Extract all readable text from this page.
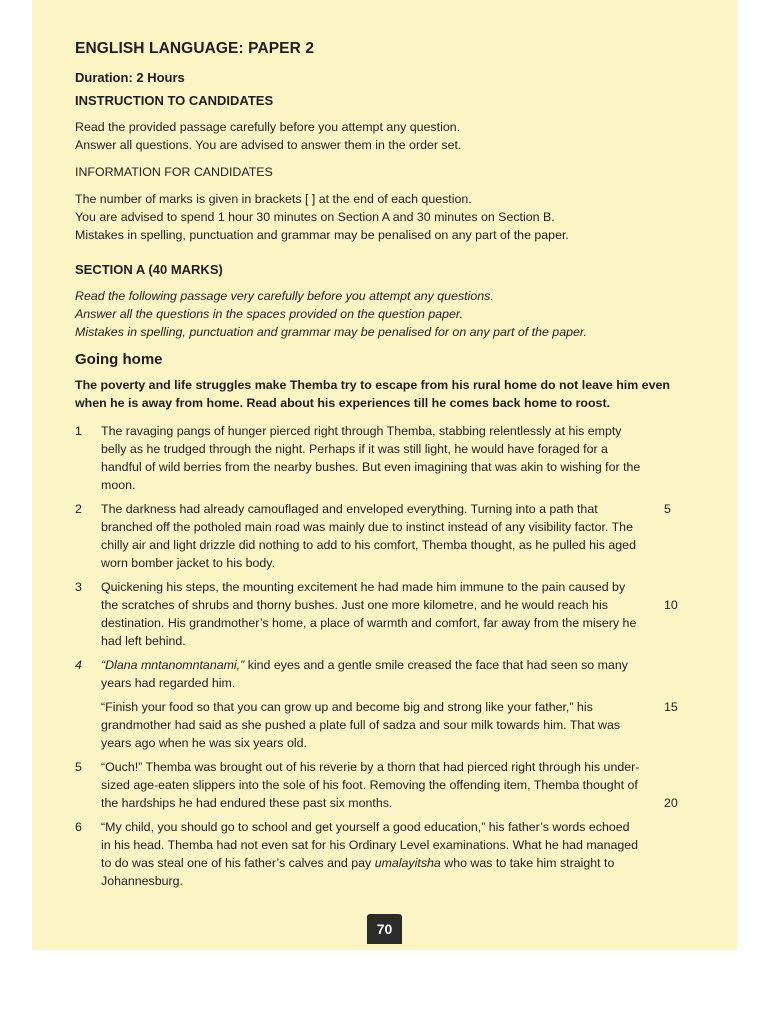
ENGLISH LANGUAGE: PAPER 2
Duration: 2 Hours
INSTRUCTION TO CANDIDATES

Read the provided passage carefully before you attempt any question.

Answer all questions. You are advised to answer them in the order set.

INFORMATION FOR CANDIDATES

The number of marks is given in brackets [ ] at the end of each question.

You are advised to spend 1 hour 30 minutes on Section A and 30 minutes on Section B.

Mistakes in spelling, punctuation and grammar may be penalised on any part of the paper.

SECTION A (40 MARKS)

Read the following passage very carefully before you attempt any questions.

Answer all the questions in the spaces provided on the question paper.

Mistakes in spelling, punctuation and grammar may be penalised for on any part of the paper.

Going home

The poverty and life struggles make Themba try to escape from his rural home do not leave him even when he is away from home. Read about his experiences till he comes back home to roost.

1 The ravaging pangs of hunger pierced right through Themba, stabbing relentlessly at his empty belly as he trudged through the night. Perhaps if it was still light, he would have foraged for a handful of wild berries from the nearby bushes. But even imagining that was akin to wishing for the moon.
2 The darkness had already camouflaged and enveloped everything. Turning into a path that branched off the potholed main road was mainly due to instinct instead of any visibility factor. The chilly air and light drizzle did nothing to add to his comfort, Themba thought, as he pulled his aged worn bomber jacket to his body.
5
3 Quickening his steps, the mounting excitement he had made him immune to the pain caused by the scratches of shrubs and thorny bushes. Just one more kilometre, and he would reach his destination. His grandmother’s home, a place of warmth and comfort, far away from the misery he had left behind.
10
4 “Dlana mntanomntanami,” kind eyes and a gentle smile creased the face that had seen so many years had regarded him.
“Finish your food so that you can grow up and become big and strong like your father,” his grandmother had said as she pushed a plate full of sadza and sour milk towards him. That was years ago when he was six years old.
15
5 “Ouch!” Themba was brought out of his reverie by a thorn that had pierced right through his under-sized age-eaten slippers into the sole of his foot. Removing the offending item, Themba thought of the hardships he had endured these past six months.	20
6 “My child, you should go to school and get yourself a good education,” his father’s words echoed in his head. Themba had not even sat for his Ordinary Level examinations. What he had managed to do was steal one of his father’s calves and pay umalayitsha who was to take him straight to Johannesburg.
70
